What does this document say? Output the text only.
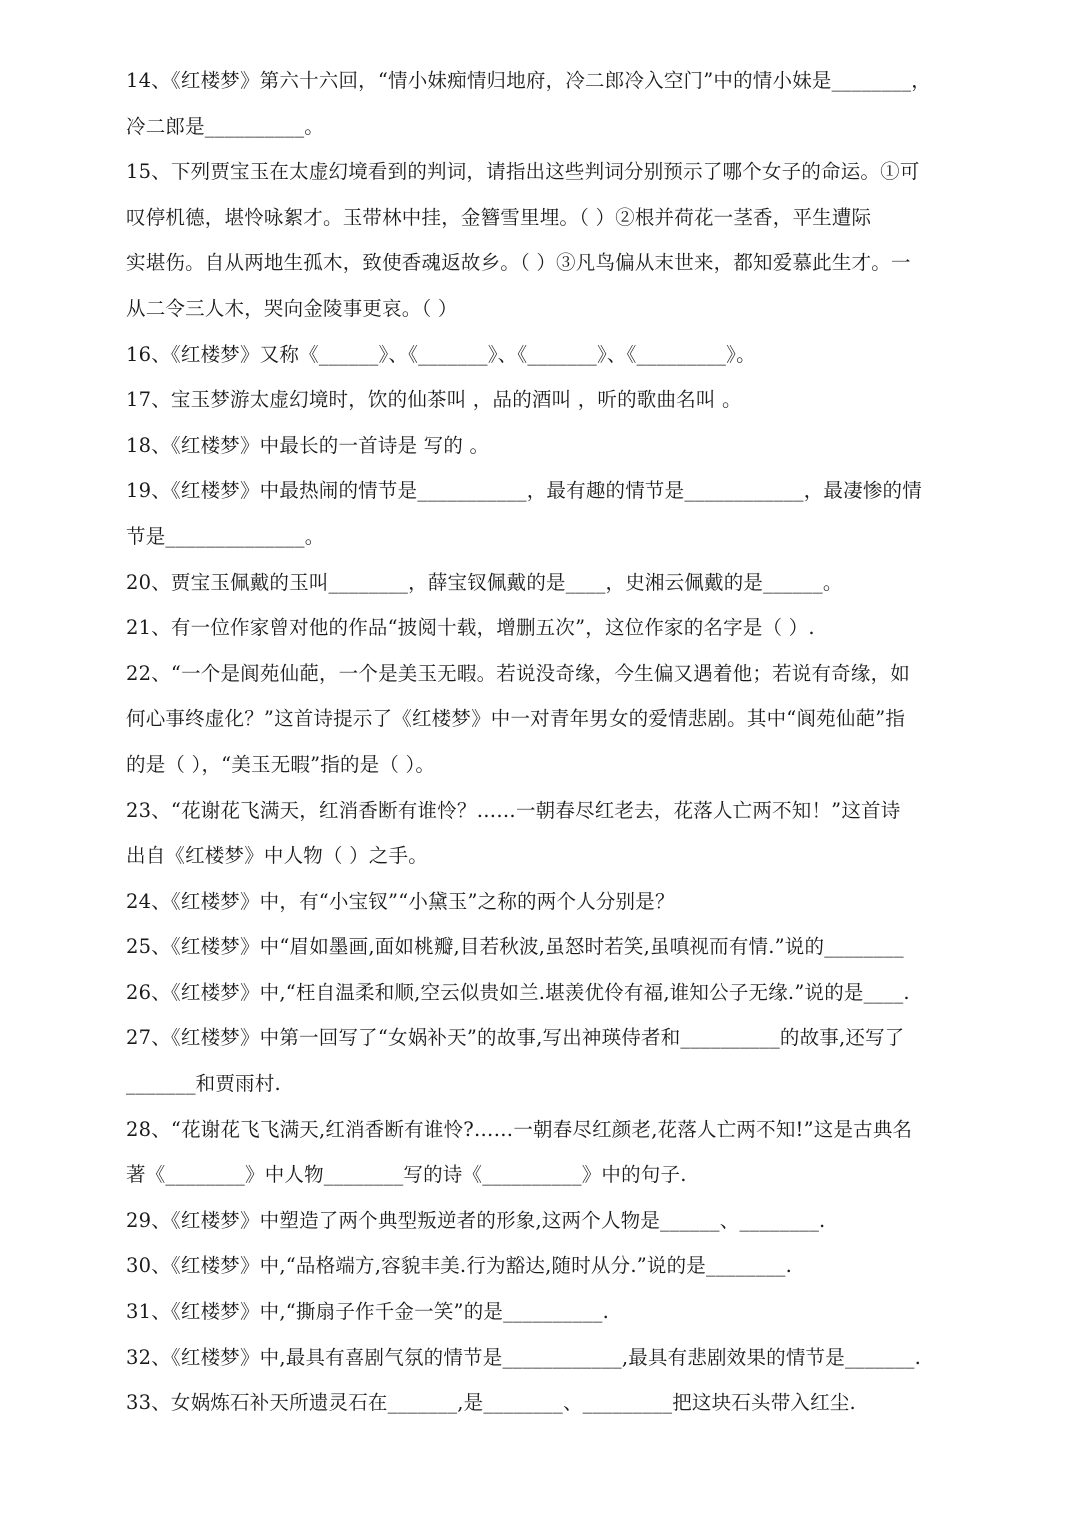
14、《红楼梦》第六十六回，“情小妹痴情归地府，冷二郎冷入空门”中的情小妹是________，
冷二郎是__________。
15、下列贾宝玉在太虚幻境看到的判词，请指出这些判词分别预示了哪个女子的命运。①可
叹停机德，堪怜咏絮才。玉带林中挂，金簪雪里埋。（ ）②根并荷花一茎香，平生遭际
实堪伤。自从两地生孤木，致使香魂返故乡。（ ）③凡鸟偏从末世来，都知爱慕此生才。一
从二令三人木，哭向金陵事更哀。（ ）
16、《红楼梦》又称《______》、《_______》、《_______》、《_________》。
17、宝玉梦游太虚幻境时，饮的仙茶叫 ，品的酒叫 ，听的歌曲名叫 。
18、《红楼梦》中最长的一首诗是 写的 。
19、《红楼梦》中最热闹的情节是___________，最有趣的情节是____________，最凄惨的情
节是______________。
20、贾宝玉佩戴的玉叫________，薛宝钗佩戴的是____，史湘云佩戴的是______。
21、有一位作家曾对他的作品“披阅十载，增删五次”，这位作家的名字是（ ）.
22、“一个是阆苑仙葩，一个是美玉无暇。若说没奇缘，今生偏又遇着他；若说有奇缘，如
何心事终虚化？”这首诗提示了《红楼梦》中一对青年男女的爱情悲剧。其中“阆苑仙葩”指
的是（ ），“美玉无暇”指的是（ ）。
23、“花谢花飞满天，红消香断有谁怜？……一朝春尽红老去，花落人亡两不知！”这首诗
出自《红楼梦》中人物（ ）之手。
24、《红楼梦》中，有“小宝钗”“小黛玉”之称的两个人分别是？
25、《红楼梦》中“眉如墨画,面如桃瓣,目若秋波,虽怒时若笑,虽嗔视而有情.”说的________
26、《红楼梦》中,“枉自温柔和顺,空云似贵如兰.堪羡优伶有福,谁知公子无缘.”说的是____.
27、《红楼梦》中第一回写了“女娲补天”的故事,写出神瑛侍者和__________的故事,还写了
_______和贾雨村.
28、“花谢花飞飞满天,红消香断有谁怜?……一朝春尽红颜老,花落人亡两不知!”这是古典名
著《________》中人物________写的诗《__________》中的句子.
29、《红楼梦》中塑造了两个典型叛逆者的形象,这两个人物是______、________.
30、《红楼梦》中,“品格端方,容貌丰美.行为豁达,随时从分.”说的是________.
31、《红楼梦》中,“撕扇子作千金一笑”的是__________.
32、《红楼梦》中,最具有喜剧气氛的情节是____________,最具有悲剧效果的情节是_______.
33、女娲炼石补天所遗灵石在_______,是________、_________把这块石头带入红尘.
